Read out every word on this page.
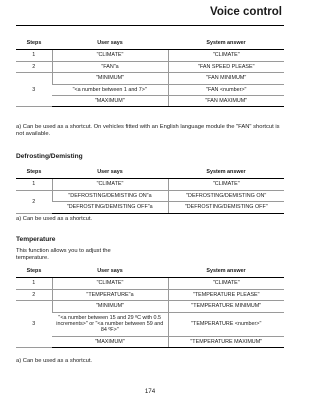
Voice control
Steps	User says	System answer
1	"CLIMATE"	"CLIMATE"
2	"FAN"a	"FAN SPEED PLEASE"
3	"MINIMUM"	"FAN MINIMUM"
	"<a number between 1 and 7>"	"FAN <number>"
	"MAXIMUM"	"FAN MAXIMUM"
a) Can be used as a shortcut. On vehicles fitted with an English language module the "FAN" shortcut is not available.
Defrosting/Demisting
Steps	User says	System answer
1	"CLIMATE"	"CLIMATE"
2	"DEFROSTING/DEMISTING ON"a	"DEFROSTING/DEMISTING ON"
	"DEFROSTING/DEMISTING OFF"a	"DEFROSTING/DEMISTING OFF"
a) Can be used as a shortcut.
Temperature
This function allows you to adjust the temperature.
Steps	User says	System answer
1	"CLIMATE"	"CLIMATE"
2	"TEMPERATURE"a	"TEMPERATURE PLEASE"
3	"MINIMUM"	"TEMPERATURE MINIMUM"
	"<a number between 15 and 29 ºC with 0.5 increments>" or "<a number between 59 and 84 ºF>"	"TEMPERATURE <number>"
	"MAXIMUM"	"TEMPERATURE MAXIMUM"
a) Can be used as a shortcut.
174
